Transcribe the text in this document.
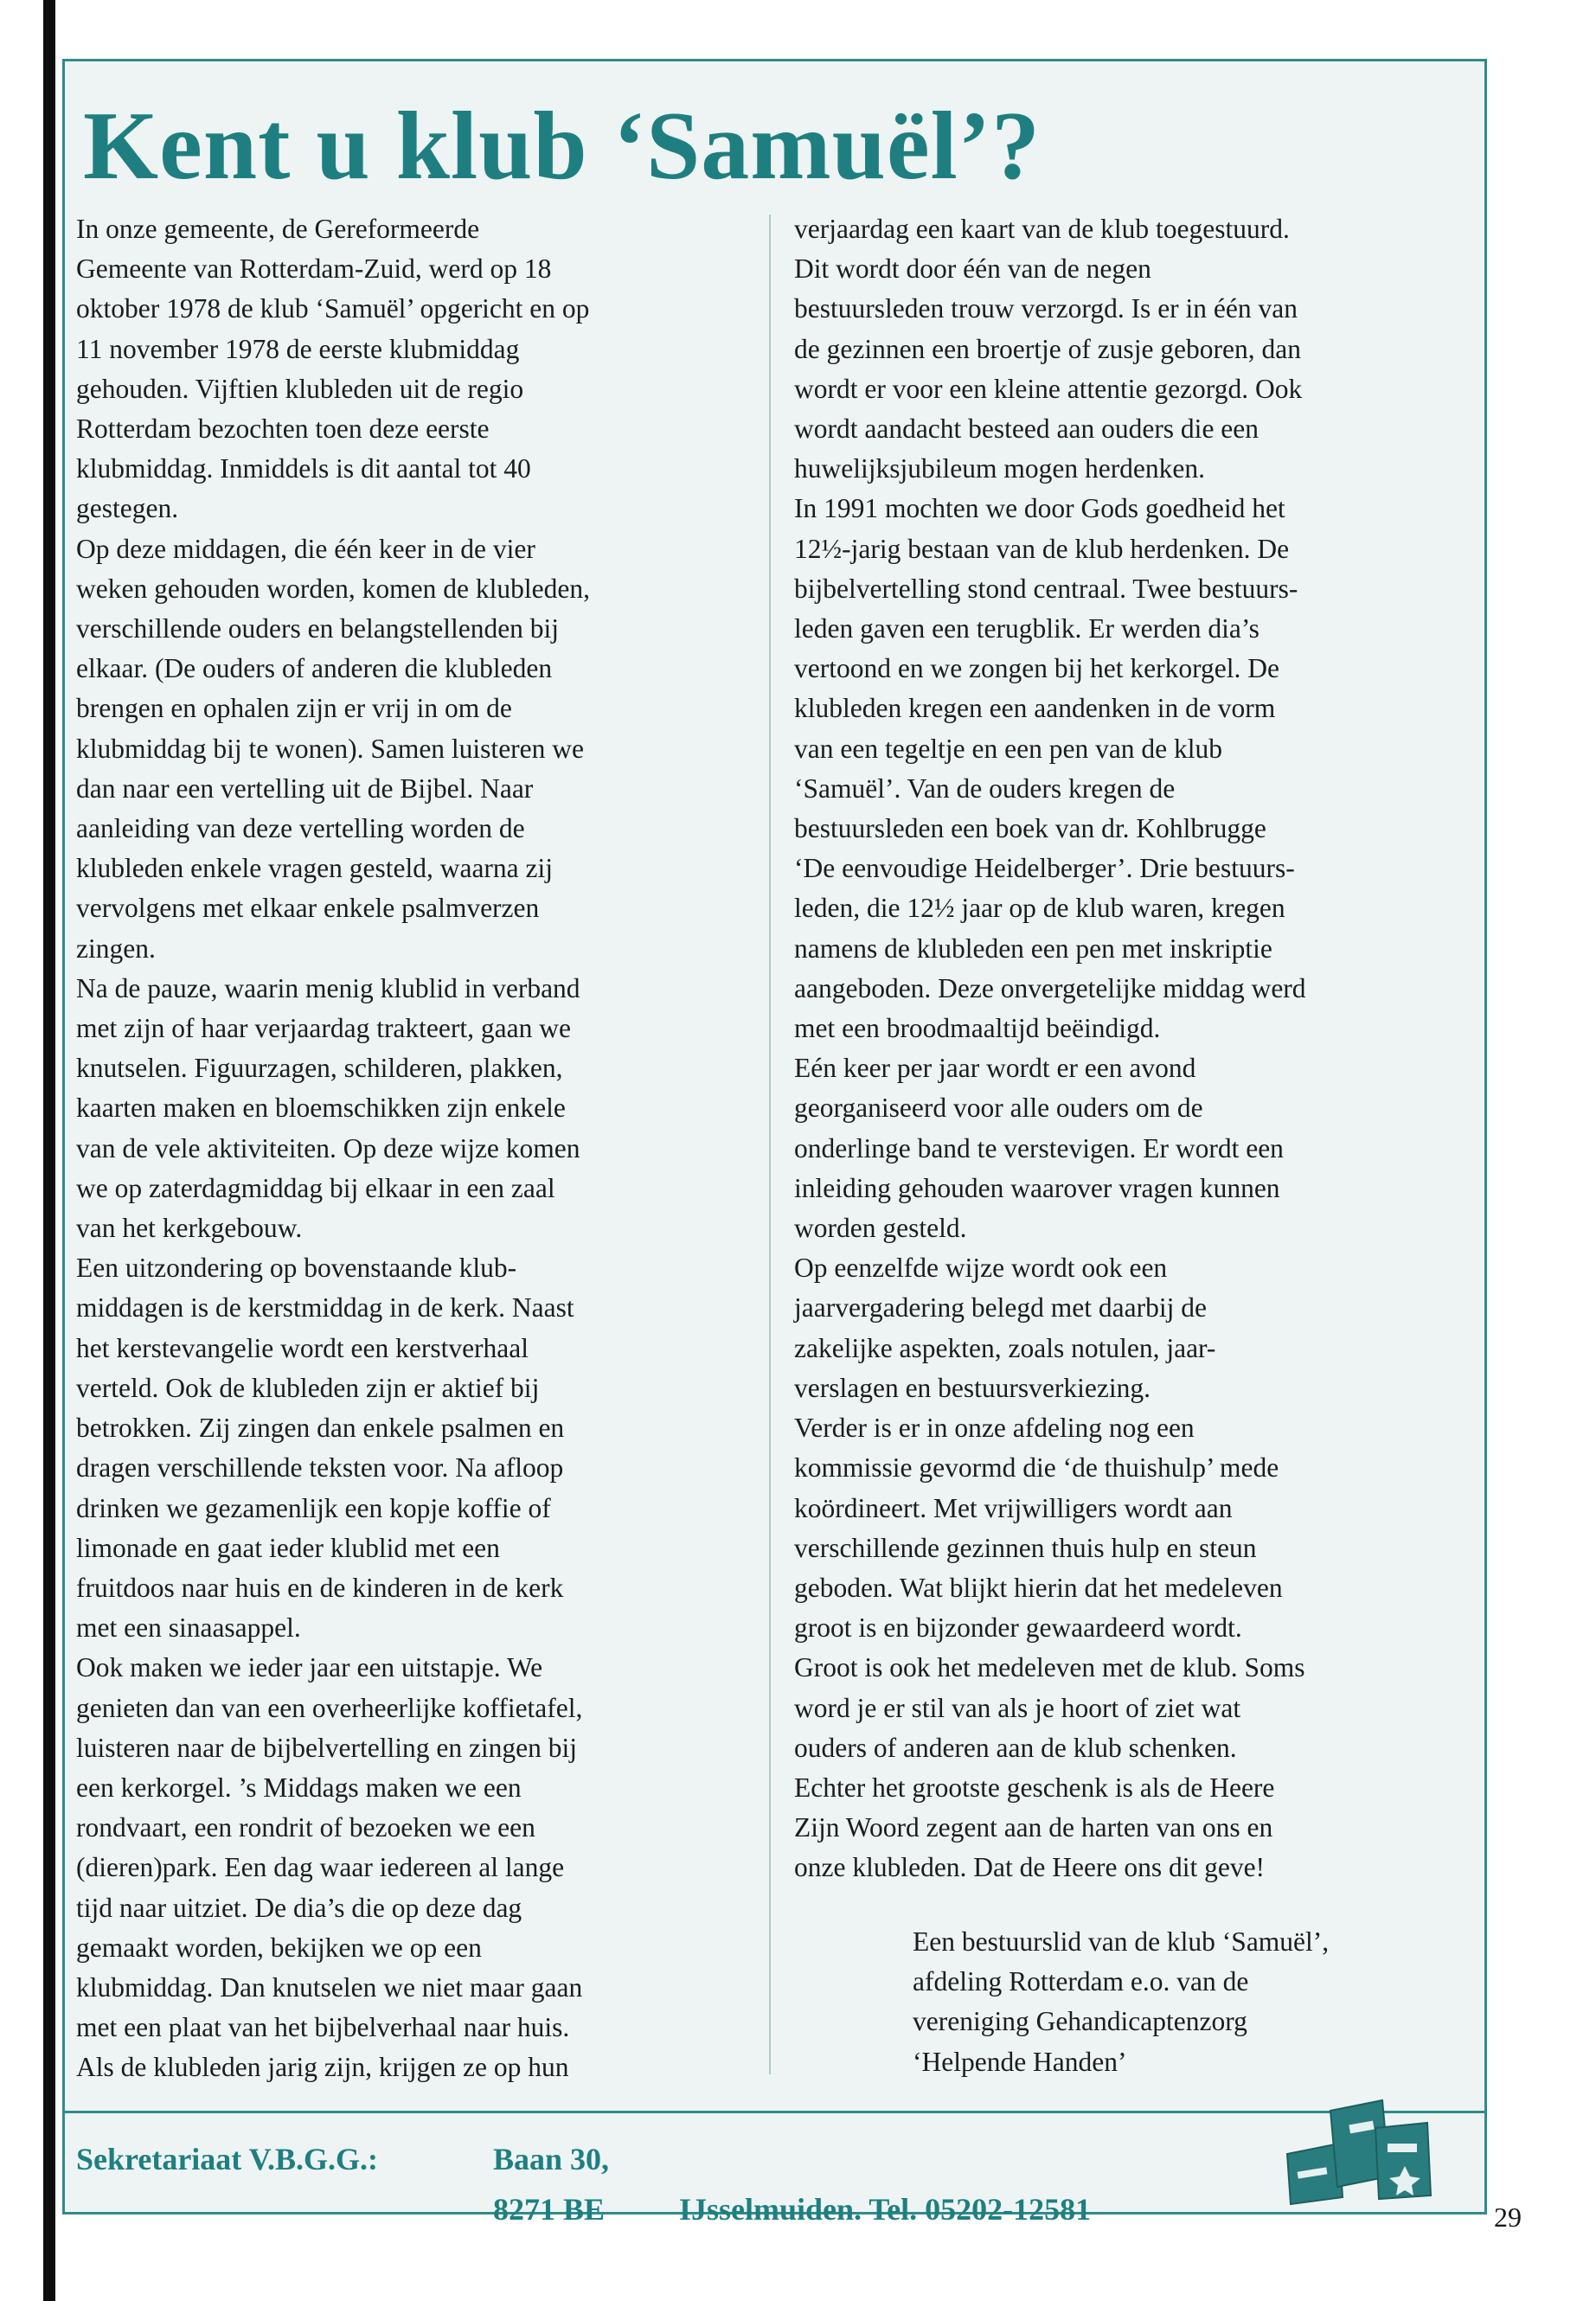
Kent u klub ‘Samuël’?
In onze gemeente, de Gereformeerde
Gemeente van Rotterdam-Zuid, werd op 18
oktober 1978 de klub ‘Samuël’ opgericht en op
11 november 1978 de eerste klubmiddag
gehouden. Vijftien klubleden uit de regio
Rotterdam bezochten toen deze eerste
klubmiddag. Inmiddels is dit aantal tot 40
gestegen.
Op deze middagen, die één keer in de vier
weken gehouden worden, komen de klubleden,
verschillende ouders en belangstellenden bij
elkaar. (De ouders of anderen die klubleden
brengen en ophalen zijn er vrij in om de
klubmiddag bij te wonen). Samen luisteren we
dan naar een vertelling uit de Bijbel. Naar
aanleiding van deze vertelling worden de
klubleden enkele vragen gesteld, waarna zij
vervolgens met elkaar enkele psalmverzen
zingen.
Na de pauze, waarin menig klublid in verband
met zijn of haar verjaardag trakteert, gaan we
knutselen. Figuurzagen, schilderen, plakken,
kaarten maken en bloemschikken zijn enkele
van de vele aktiviteiten. Op deze wijze komen
we op zaterdagmiddag bij elkaar in een zaal
van het kerkgebouw.
Een uitzondering op bovenstaande klub-
middagen is de kerstmiddag in de kerk. Naast
het kerstevangelie wordt een kerstverhaal
verteld. Ook de klubleden zijn er aktief bij
betrokken. Zij zingen dan enkele psalmen en
dragen verschillende teksten voor. Na afloop
drinken we gezamenlijk een kopje koffie of
limonade en gaat ieder klublid met een
fruitdoos naar huis en de kinderen in de kerk
met een sinaasappel.
Ook maken we ieder jaar een uitstapje. We
genieten dan van een overheerlijke koffietafel,
luisteren naar de bijbelvertelling en zingen bij
een kerkorgel. ’s Middags maken we een
rondvaart, een rondrit of bezoeken we een
(dieren)park. Een dag waar iedereen al lange
tijd naar uitziet. De dia’s die op deze dag
gemaakt worden, bekijken we op een
klubmiddag. Dan knutselen we niet maar gaan
met een plaat van het bijbelverhaal naar huis.
Als de klubleden jarig zijn, krijgen ze op hun
verjaardag een kaart van de klub toegestuurd.
Dit wordt door één van de negen
bestuursleden trouw verzorgd. Is er in één van
de gezinnen een broertje of zusje geboren, dan
wordt er voor een kleine attentie gezorgd. Ook
wordt aandacht besteed aan ouders die een
huwelijksjubileum mogen herdenken.
In 1991 mochten we door Gods goedheid het
12½-jarig bestaan van de klub herdenken. De
bijbelvertelling stond centraal. Twee bestuurs-
leden gaven een terugblik. Er werden dia’s
vertoond en we zongen bij het kerkorgel. De
klubleden kregen een aandenken in de vorm
van een tegeltje en een pen van de klub
‘Samuël’. Van de ouders kregen de
bestuursleden een boek van dr. Kohlbrugge
‘De eenvoudige Heidelberger’. Drie bestuurs-
leden, die 12½ jaar op de klub waren, kregen
namens de klubleden een pen met inskriptie
aangeboden. Deze onvergetelijke middag werd
met een broodmaaltijd beëindigd.
Eén keer per jaar wordt er een avond
georganiseerd voor alle ouders om de
onderlinge band te verstevigen. Er wordt een
inleiding gehouden waarover vragen kunnen
worden gesteld.
Op eenzelfde wijze wordt ook een
jaarvergadering belegd met daarbij de
zakelijke aspekten, zoals notulen, jaar-
verslagen en bestuursverkiezing.
Verder is er in onze afdeling nog een
kommissie gevormd die ‘de thuishulp’ mede
koördineert. Met vrijwilligers wordt aan
verschillende gezinnen thuis hulp en steun
geboden. Wat blijkt hierin dat het medeleven
groot is en bijzonder gewaardeerd wordt.
Groot is ook het medeleven met de klub. Soms
word je er stil van als je hoort of ziet wat
ouders of anderen aan de klub schenken.
Echter het grootste geschenk is als de Heere
Zijn Woord zegent aan de harten van ons en
onze klubleden. Dat de Heere ons dit geve!
Een bestuurslid van de klub ‘Samuël’,
afdeling Rotterdam e.o. van de
vereniging Gehandicaptenzorg
‘Helpende Handen’
Sekretariaat V.B.G.G.:	Baan 30,
8271 BE IJsselmuiden. Tel. 05202-12581	29
